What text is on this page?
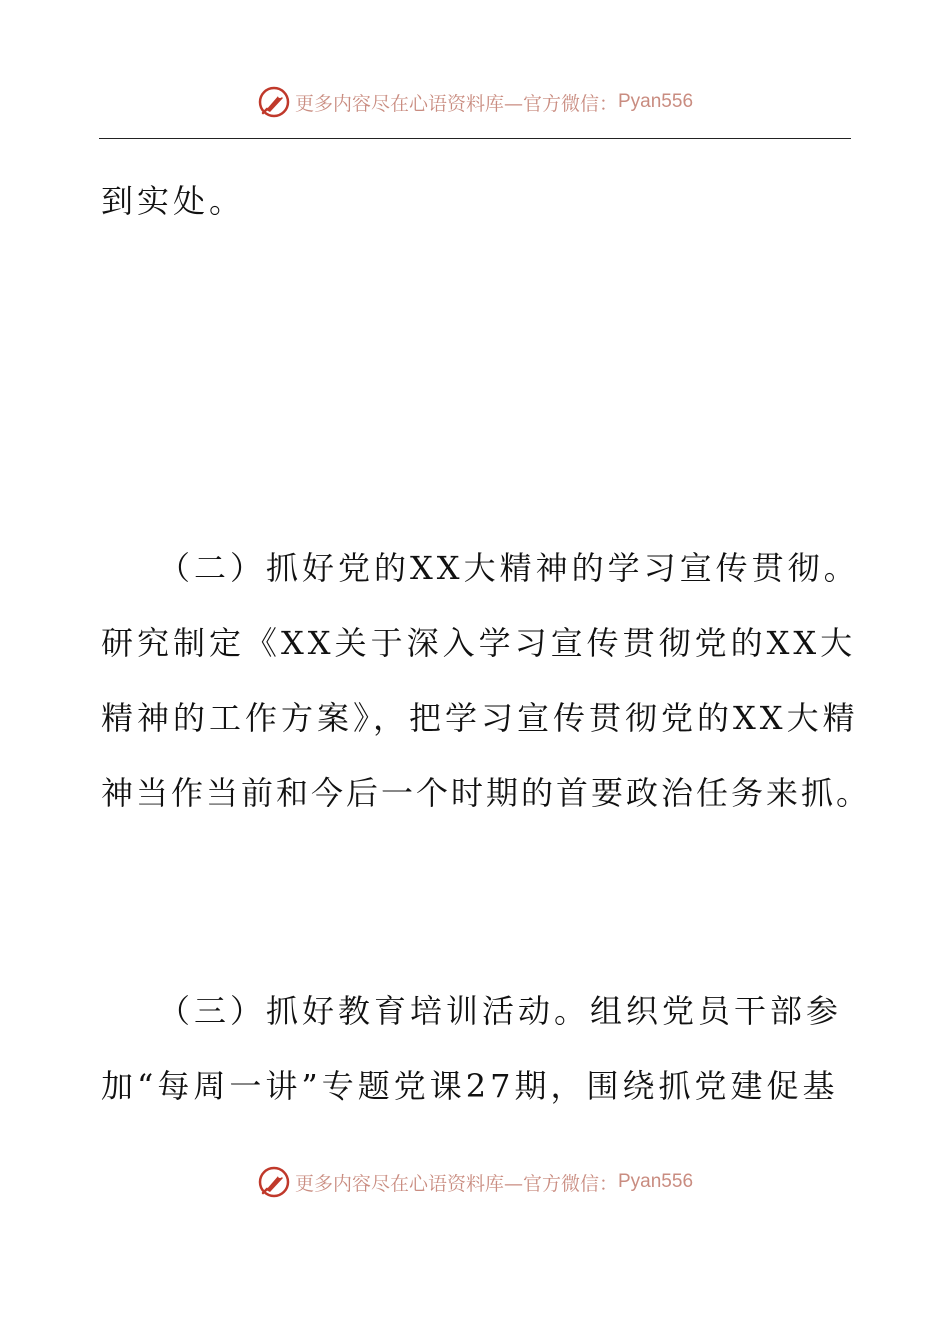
更多内容尽在心语资料库—官方微信： Pyan556
到实处。
（二）抓好党的XX大精神的学习宣传贯彻。
研究制定《XX关于深入学习宣传贯彻党的XX大
精神的工作方案》，把学习宣传贯彻党的XX大精
神当作当前和今后一个时期的首要政治任务来抓。
（三）抓好教育培训活动。组织党员干部参
加“每周一讲”专题党课27期，围绕抓党建促基
更多内容尽在心语资料库—官方微信： Pyan556
